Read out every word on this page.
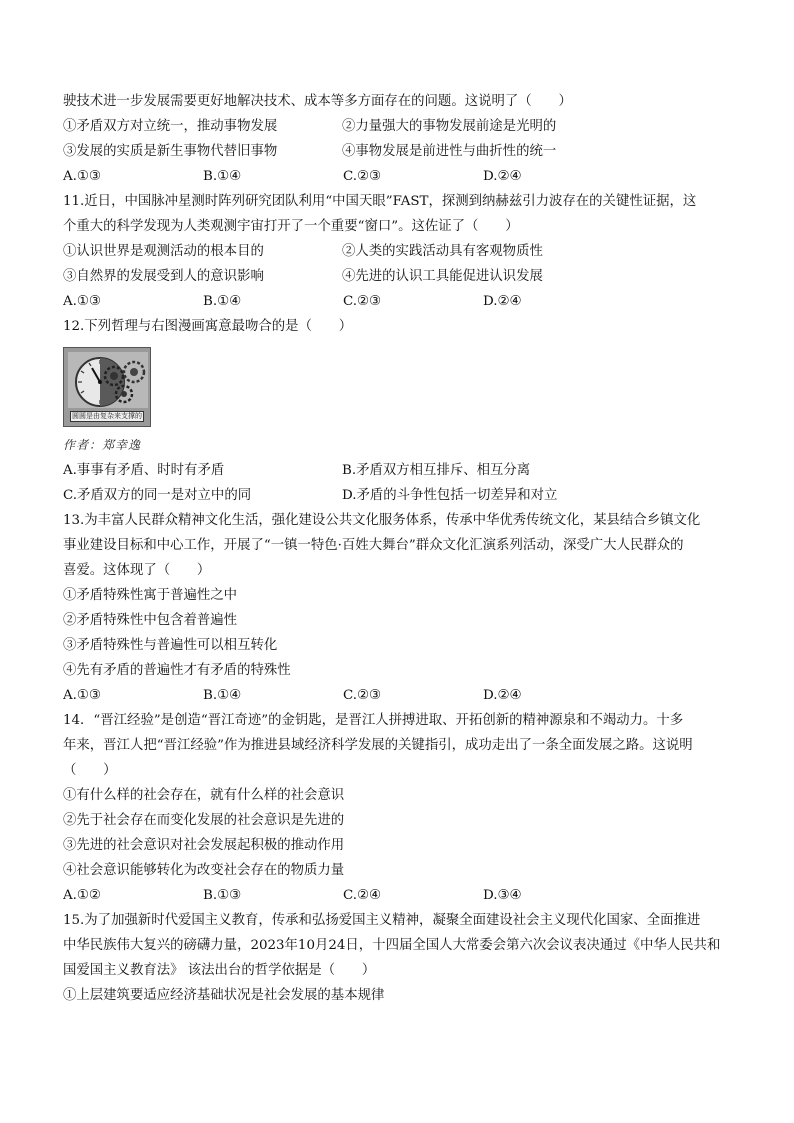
驶技术进一步发展需要更好地解决技术、成本等多方面存在的问题。这说明了（　　）
①矛盾双方对立统一，推动事物发展	②力量强大的事物发展前途是光明的
③发展的实质是新生事物代替旧事物	④事物发展是前进性与曲折性的统一
A.①③	B.①④	C.②③	D.②④
11.近日，中国脉冲星测时阵列研究团队利用“中国天眼”FAST，探测到纳赫兹引力波存在的关键性证据，这
个重大的科学发现为人类观测宇宙打开了一个重要“窗口”。这佐证了（　　）
①认识世界是观测活动的根本目的	②人类的实践活动具有客观物质性
③自然界的发展受到人的意识影响	④先进的认识工具能促进认识发展
A.①③	B.①④	C.②③	D.②④
12.下列哲理与右图漫画寓意最吻合的是（　　）
圆圆是由复杂来支撑的
作者：郑幸逸
A.事事有矛盾、时时有矛盾	B.矛盾双方相互排斥、相互分离
C.矛盾双方的同一是对立中的同	D.矛盾的斗争性包括一切差异和对立
13.为丰富人民群众精神文化生活，强化建设公共文化服务体系，传承中华优秀传统文化，某县结合乡镇文化
事业建设目标和中心工作，开展了“一镇一特色·百姓大舞台”群众文化汇演系列活动，深受广大人民群众的
喜爱。这体现了（　　）
①矛盾特殊性寓于普遍性之中
②矛盾特殊性中包含着普遍性
③矛盾特殊性与普遍性可以相互转化
④先有矛盾的普遍性才有矛盾的特殊性
A.①③	B.①④	C.②③	D.②④
14．“晋江经验”是创造“晋江奇迹”的金钥匙，是晋江人拼搏进取、开拓创新的精神源泉和不竭动力。十多
年来，晋江人把“晋江经验”作为推进县域经济科学发展的关键指引，成功走出了一条全面发展之路。这说明
（　　）
①有什么样的社会存在，就有什么样的社会意识
②先于社会存在而变化发展的社会意识是先进的
③先进的社会意识对社会发展起积极的推动作用
④社会意识能够转化为改变社会存在的物质力量
A.①②	B.①③	C.②④	D.③④
15.为了加强新时代爱国主义教育，传承和弘扬爱国主义精神，凝聚全面建设社会主义现代化国家、全面推进
中华民族伟大复兴的磅礴力量，2023年10月24日，十四届全国人大常委会第六次会议表决通过《中华人民共和
国爱国主义教育法》 该法出台的哲学依据是（　　）
①上层建筑要适应经济基础状况是社会发展的基本规律
